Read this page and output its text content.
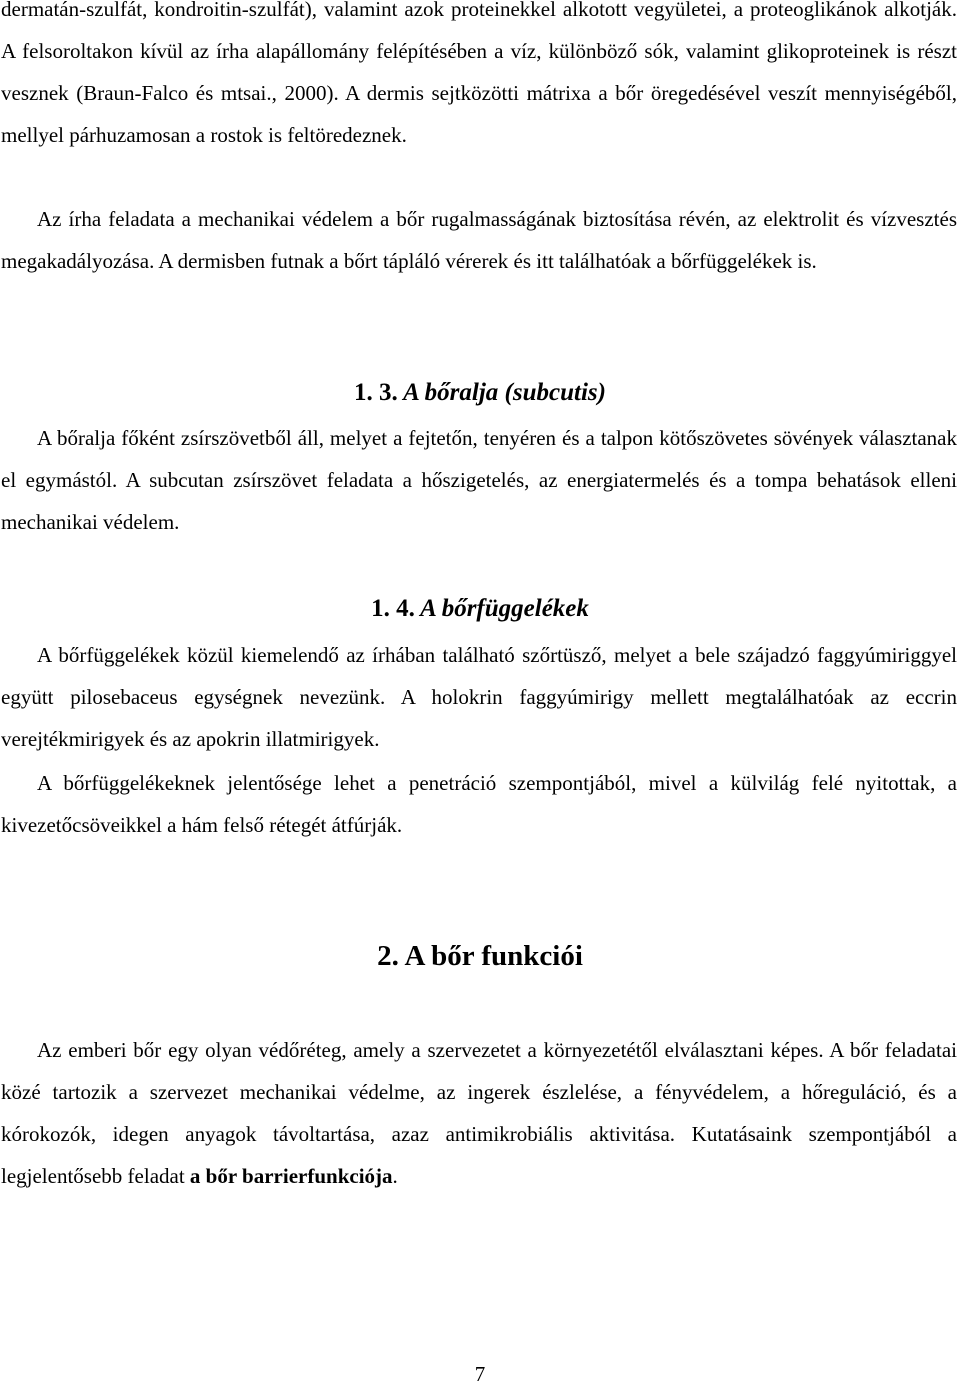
dermatán-szulfát, kondroitin-szulfát), valamint azok proteinekkel alkotott vegyületei, a proteoglikánok alkotják. A felsoroltakon kívül az írha alapállomány felépítésében a víz, különböző sók, valamint glikoproteinek is részt vesznek (Braun-Falco és mtsai., 2000). A dermis sejtközötti mátrixa a bőr öregedésével veszít mennyiségéből, mellyel párhuzamosan a rostok is feltöredeznek.

Az írha feladata a mechanikai védelem a bőr rugalmasságának biztosítása révén, az elektrolit és vízvesztés megakadályozása. A dermisben futnak a bőrt tápláló vérerek és itt találhatóak a bőrfüggelékek is.

1. 3. A bőralja (subcutis)

A bőralja főként zsírszövetből áll, melyet a fejtetőn, tenyéren és a talpon kötőszövetes sövények választanak el egymástól. A subcutan zsírszövet feladata a hőszigetelés, az energiatermelés és a tompa behatások elleni mechanikai védelem.

1. 4. A bőrfüggelékek

A bőrfüggelékek közül kiemelendő az írhában található szőrtüsző, melyet a bele szájadzó faggyúmiriggyel együtt pilosebaceus egységnek nevezünk. A holokrin faggyúmirigy mellett megtalálhatóak az eccrin verejtékmirigyek és az apokrin illatmirigyek.

A bőrfüggelékeknek jelentősége lehet a penetráció szempontjából, mivel a külvilág felé nyitottak, a kivezetőcsöveikkel a hám felső rétegét átfúrják.

2. A bőr funkciói

Az emberi bőr egy olyan védőréteg, amely a szervezetet a környezetétől elválasztani képes. A bőr feladatai közé tartozik a szervezet mechanikai védelme, az ingerek észlelése, a fényvédelem, a hőreguláció, és a kórokozók, idegen anyagok távoltartása, azaz antimikrobiális aktivitása. Kutatásaink szempontjából a legjelentősebb feladat a bőr barrierfunkciója.

7
